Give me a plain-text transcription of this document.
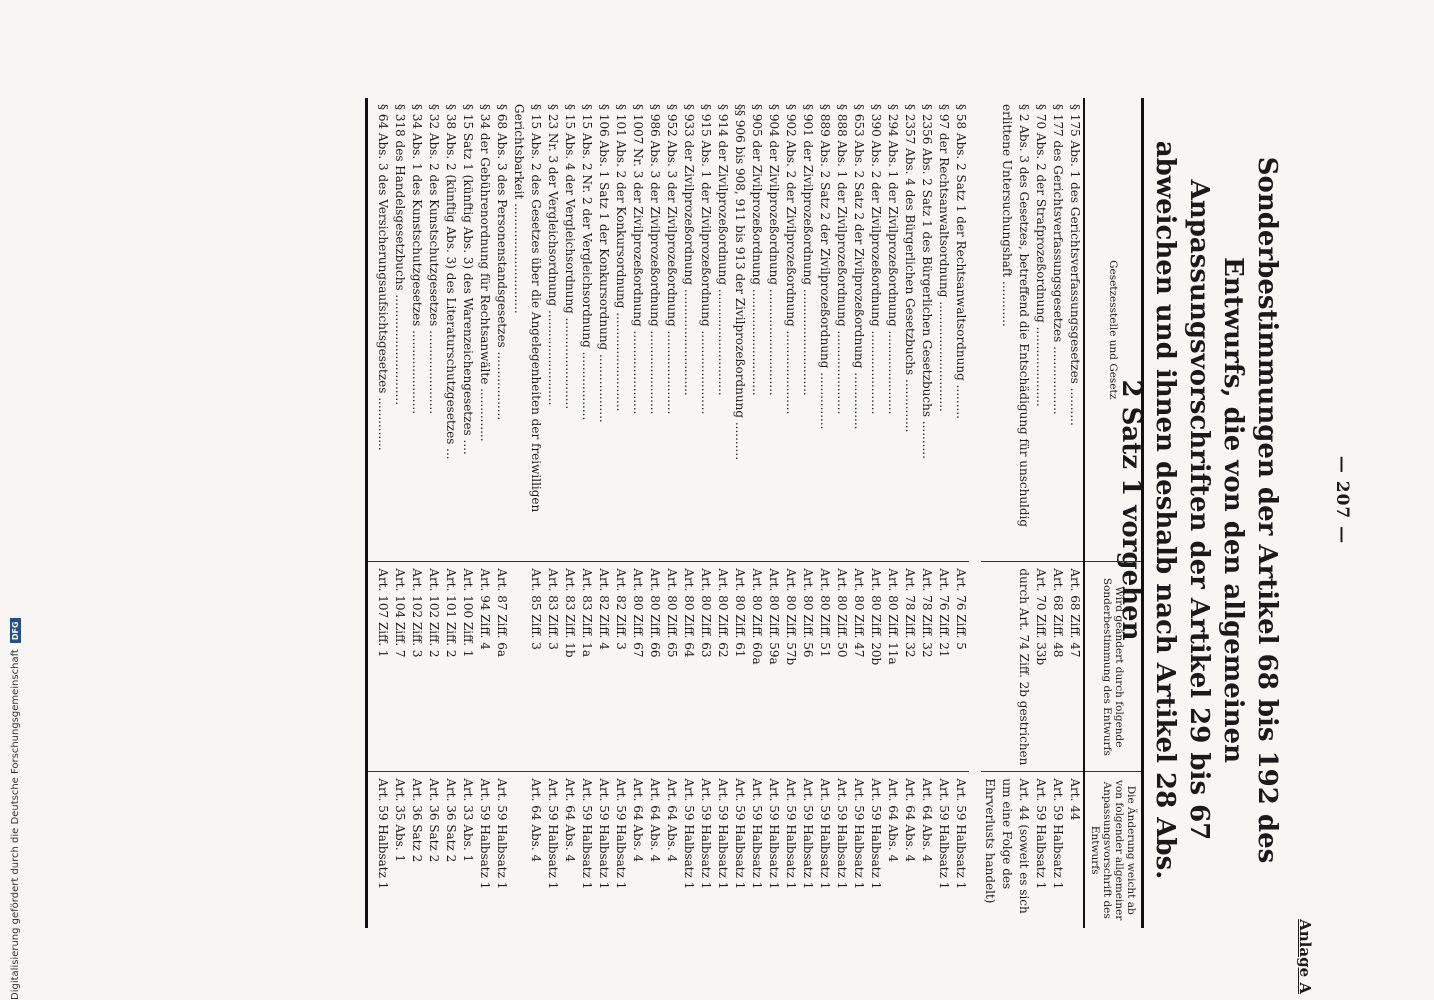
— 207 —
Anlage A
Sonderbestimmungen der Artikel 68 bis 192 des Entwurfs, die von den allgemeinen Anpassungsvorschriften der Artikel 29 bis 67 abweichen und ihnen deshalb nach Artikel 28 Abs. 2 Satz 1 vorgehen
Gesetzesstelle und Gesetz	Wird geändert durch folgende Sonderbestimmung des Entwurfs	Die Änderung weicht ab von folgender allgemeiner Anpassungsvorschrift des Entwurfs
§ 175 Abs. 1 des Gerichtsverfassungsgesetzes ..........	Art. 68 Ziff. 47	Art. 44
§ 177 des Gerichtsverfassungsgesetzes ..................	Art. 68 Ziff. 48	Art. 59 Halbsatz 1
§ 70 Abs. 2 der Strafprozeßordnung .....................	Art. 70 Ziff. 33b	Art. 59 Halbsatz 1
§ 2 Abs. 3 des Gesetzes, betreffend die Entschädigung für unschuldig erlittene Untersuchungshaft ............	durch Art. 74 Ziff. 2b gestrichen	Art. 44 (soweit es sich um eine Folge des Ehrverlusts handelt)

§ 58 Abs. 2 Satz 1 der Rechtsanwaltsordnung .........	Art. 76 Ziff. 5	Art. 59 Halbsatz 1
§ 97 der Rechtsanwaltsordnung .............................	Art. 76 Ziff. 21	Art. 59 Halbsatz 1
§ 2356 Abs. 2 Satz 1 des Bürgerlichen Gesetzbuchs ..........	Art. 78 Ziff. 32	Art. 64 Abs. 4
§ 2357 Abs. 4 des Bürgerlichen Gesetzbuchs ..............	Art. 78 Ziff. 32	Art. 64 Abs. 4
§ 294 Abs. 1 der Zivilprozeßordnung ......................	Art. 80 Ziff. 11a	Art. 64 Abs. 4
§ 390 Abs. 2 der Zivilprozeßordnung ......................	Art. 80 Ziff. 20b	Art. 59 Halbsatz 1
§ 653 Abs. 2 Satz 2 der Zivilprozeßordnung ...............	Art. 80 Ziff. 47	Art. 59 Halbsatz 1
§ 888 Abs. 1 der Zivilprozeßordnung ......................	Art. 80 Ziff. 50	Art. 59 Halbsatz 1
§ 889 Abs. 2 Satz 2 der Zivilprozeßordnung ...............	Art. 80 Ziff. 51	Art. 59 Halbsatz 1
§ 901 der Zivilprozeßordnung ............................	Art. 80 Ziff. 56	Art. 59 Halbsatz 1
§ 902 Abs. 2 der Zivilprozeßordnung ......................	Art. 80 Ziff. 57b	Art. 59 Halbsatz 1
§ 904 der Zivilprozeßordnung ............................	Art. 80 Ziff. 59a	Art. 59 Halbsatz 1
§ 905 der Zivilprozeßordnung ............................	Art. 80 Ziff. 60a	Art. 59 Halbsatz 1
§§ 906 bis 908, 911 bis 913 der Zivilprozeßordnung ..........	Art. 80 Ziff. 61	Art. 59 Halbsatz 1
§ 914 der Zivilprozeßordnung ............................	Art. 80 Ziff. 62	Art. 59 Halbsatz 1
§ 915 Abs. 1 der Zivilprozeßordnung ......................	Art. 80 Ziff. 63	Art. 59 Halbsatz 1
§ 933 der Zivilprozeßordnung ............................	Art. 80 Ziff. 64	Art. 59 Halbsatz 1
§ 952 Abs. 3 der Zivilprozeßordnung ......................	Art. 80 Ziff. 65	Art. 64 Abs. 4
§ 986 Abs. 3 der Zivilprozeßordnung ......................	Art. 80 Ziff. 66	Art. 64 Abs. 4
§ 1007 Nr. 3 der Zivilprozeßordnung ......................	Art. 80 Ziff. 67	Art. 64 Abs. 4
§ 101 Abs. 2 der Konkursordnung ..........................	Art. 82 Ziff. 3	Art. 59 Halbsatz 1
§ 106 Abs. 1 Satz 1 der Konkursordnung ..................	Art. 82 Ziff. 4	Art. 59 Halbsatz 1
§ 15 Abs. 2 Nr. 2 der Vergleichsordnung ..................	Art. 83 Ziff. 1a	Art. 59 Halbsatz 1
§ 15 Abs. 4 der Vergleichsordnung ........................	Art. 83 Ziff. 1b	Art. 64 Abs. 4
§ 23 Nr. 3 der Vergleichsordnung .........................	Art. 83 Ziff. 3	Art. 59 Halbsatz 1
§ 15 Abs. 2 des Gesetzes über die Angelegenheiten der freiwilligen Gerichtsbarkeit .............................	Art. 85 Ziff. 3	Art. 64 Abs. 4
§ 68 Abs. 3 des Personenstandsgesetzes ..................	Art. 87 Ziff. 6a	Art. 59 Halbsatz 1
§ 34 der Gebührenordnung für Rechtsanwälte ..............	Art. 94 Ziff. 4	Art. 59 Halbsatz 1
§ 15 Satz 1 (künftig Abs. 3) des Warenzeichengesetzes ....	Art. 100 Ziff. 1	Art. 33 Abs. 1
§ 38 Abs. 2 (künftig Abs. 3) des Literaturschutzgesetzes ...	Art. 101 Ziff. 2	Art. 36 Satz 2
§ 32 Abs. 2 des Kunstschutzgesetzes ......................	Art. 102 Ziff. 2	Art. 36 Satz 2
§ 34 Abs. 1 des Kunstschutzgesetzes ......................	Art. 102 Ziff. 3	Art. 36 Satz 2
§ 318 des Handelsgesetzbuchs .............................	Art. 104 Ziff. 7	Art. 35 Abs. 1
§ 64 Abs. 3 des Versicherungsaufsichtsgesetzes ..............	Art. 107 Ziff. 1	Art. 59 Halbsatz 1
Digitalisierung gefördert durch die Deutsche Forschungsgemeinschaft
DFG
